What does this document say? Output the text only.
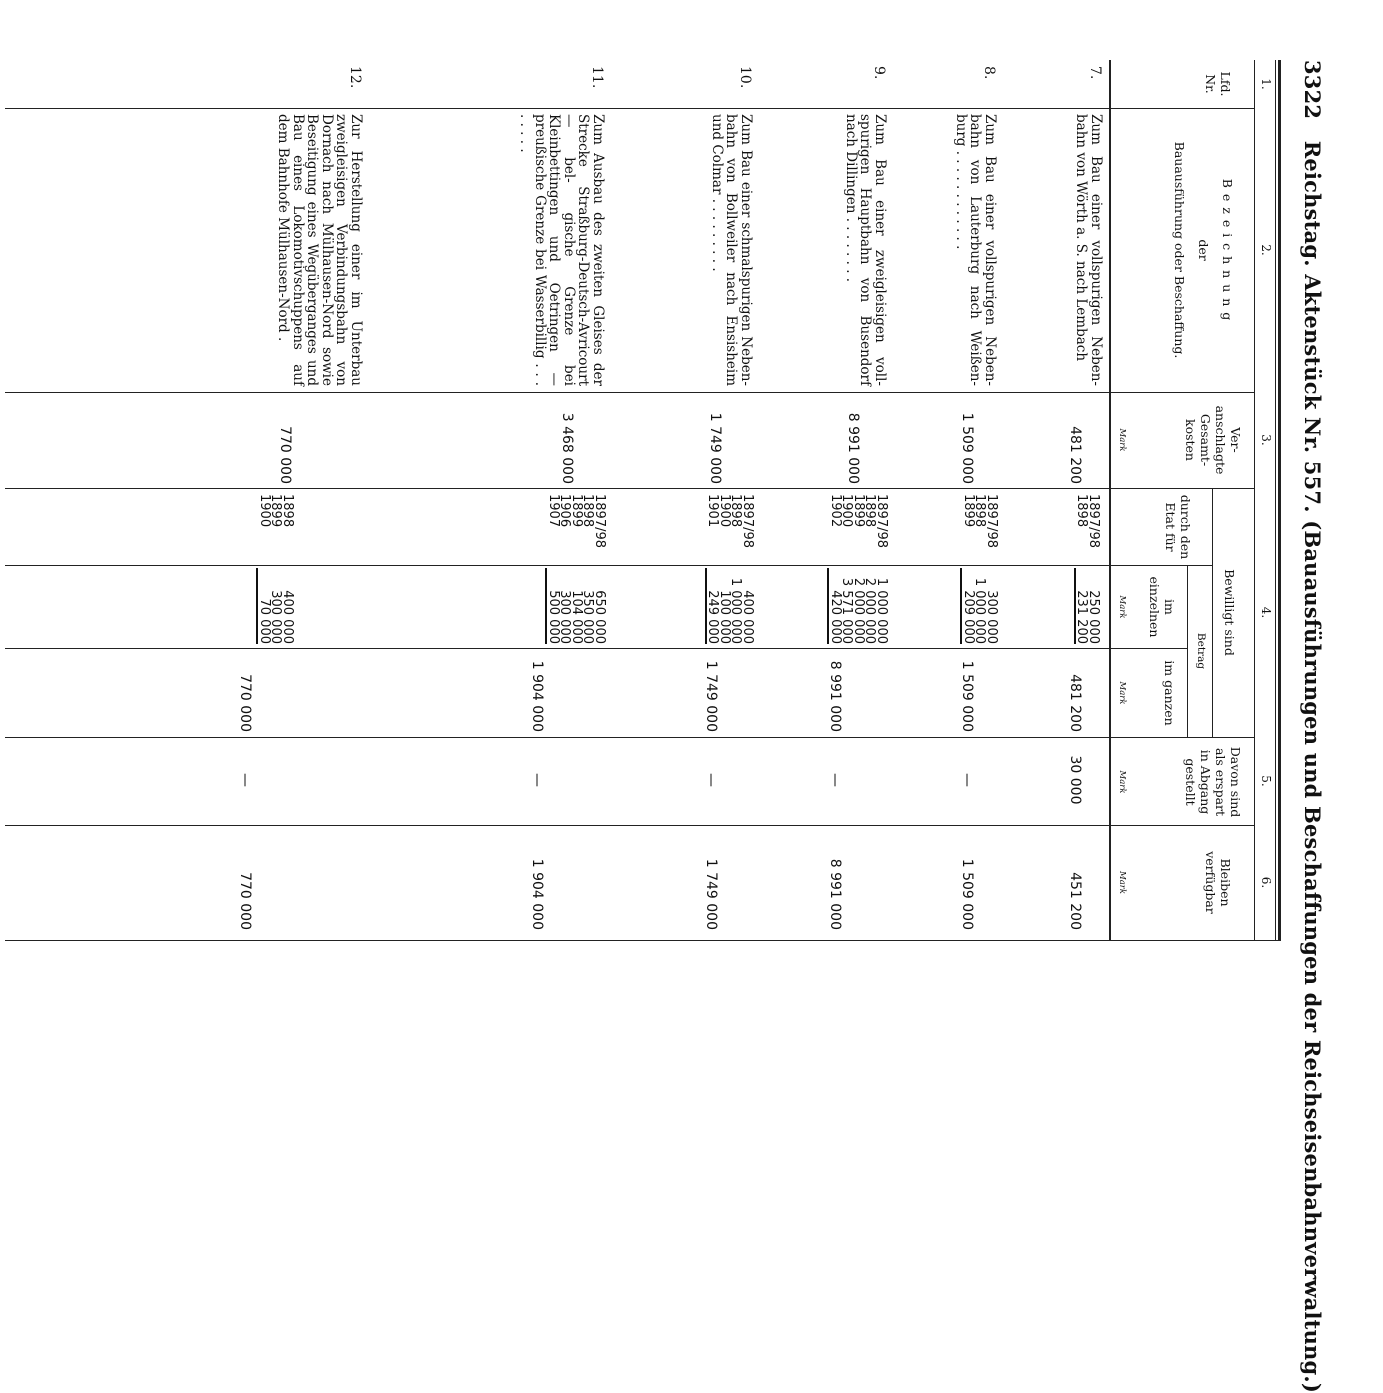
3322 Reichstag. Aktenstück Nr. 557. (Bauausführungen und Beschaffungen der Reichseisenbahnverwaltung.)
1.
2.
3.
4.
5.
6.
Lfd. Nr.
B e z e i c h n u n g
der
Bauausführung oder Beschaffung.
Ver- anschlagte Gesamt- kosten
Mark
Bewilligt sind
durch den Etat für
Betrag
im einzelnen
Mark
im ganzen
Mark
Davon sind als erspart in Abgang gestellt
Mark
Bleiben verfügbar
Mark
7.
Zum Bau einer vollspurigen Neben- bahn von Wörth a. S. nach Lembach
481 200
1897/98
1898
250 000
231 200
481 200
30 000
451 200
8.
Zum Bau einer vollspurigen Neben- bahn von Lauterburg nach Weißen- burg . . . . . . . . . . . .
1 509 000
1897/98
1898
1899
300 000
1 000 000
209 000
1 509 000
—
1 509 000
9.
Zum Bau einer zweigleisigen voll- spurigen Hauptbahn von Busendorf nach Dillingen . . . . . . . .
8 991 000
1897/98
1898
1899
1900
1902
1 000 000
2 000 000
2 000 000
3 571 000
420 000
8 991 000
—
8 991 000
10.
Zum Bau einer schmalspurigen Neben- bahn von Bollweiler nach Ensisheim und Colmar . . . . . . . . .
1 749 000
1897/98
1898
1900
1901
400 000
1 000 000
100 000
249 000
1 749 000
—
1 749 000
11.
Zum Ausbau des zweiten Gleises der Strecke Straßburg-Deutsch-Avricourt — bel- gische Grenze bei Kleinbettingen und Oetringen — preußische Grenze bei Wasserbillig . . . . . . . .
3 468 000
1897/98
1898
1899
1906
1907
650 000
350 000
104 000
300 000
500 000
1 904 000
—
1 904 000
12.
Zur Herstellung einer im Unterbau zweigleisigen Verbindungsbahn von Dornach nach Mülhausen-Nord sowie Beseitigung eines Wegüberganges und Bau eines Lokomotivschuppens auf dem Bahnhofe Mülhausen-Nord .
770 000
1898
1899
1900
400 000
300 000
70 000
770 000
—
770 000
